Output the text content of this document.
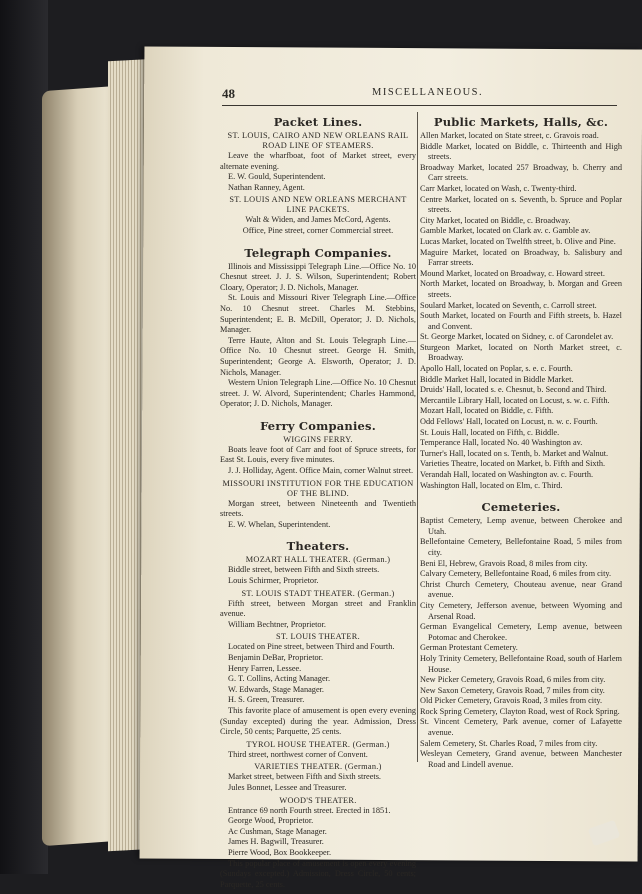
48	MISCELLANEOUS.
Packet Lines.
ST. LOUIS, CAIRO AND NEW ORLEANS RAIL ROAD LINE OF STEAMERS.
Leave the wharfboat, foot of Market street, every alternate evening.
E. W. Gould, Superintendent.
Nathan Ranney, Agent.
ST. LOUIS AND NEW ORLEANS MERCHANT LINE PACKETS.
Walt & Widen, and James McCord, Agents.
Office, Pine street, corner Commercial street.
Telegraph Companies.
Illinois and Mississippi Telegraph Line.—Office No. 10 Chesnut street. J. J. S. Wilson, Superintendent; Robert Cloary, Operator; J. D. Nichols, Manager.
St. Louis and Missouri River Telegraph Line.—Office No. 10 Chesnut street. Charles M. Stebbins, Superintendent; E. B. McDill, Operator; J. D. Nichols, Manager.
Terre Haute, Alton and St. Louis Telegraph Line.—Office No. 10 Chesnut street. George H. Smith, Superintendent; George A. Elsworth, Operator; J. D. Nichols, Manager.
Western Union Telegraph Line.—Office No. 10 Chesnut street. J. W. Alvord, Superintendent; Charles Hammond, Operator; J. D. Nichols, Manager.
Ferry Companies.
WIGGINS FERRY.
Boats leave foot of Carr and foot of Spruce streets, for East St. Louis, every five minutes.
J. J. Holliday, Agent. Office Main, corner Walnut street.
MISSOURI INSTITUTION FOR THE EDUCATION OF THE BLIND.
Morgan street, between Nineteenth and Twentieth streets.
E. W. Whelan, Superintendent.
Theaters.
MOZART HALL THEATER. (German.)
Biddle street, between Fifth and Sixth streets.
Louis Schirmer, Proprietor.
ST. LOUIS STADT THEATER. (German.)
Fifth street, between Morgan street and Franklin avenue.
William Bechtner, Proprietor.
ST. LOUIS THEATER.
Located on Pine street, between Third and Fourth.
Benjamin DeBar, Proprietor.
Henry Farren, Lessee.
G. T. Collins, Acting Manager.
W. Edwards, Stage Manager.
H. S. Green, Treasurer.
This favorite place of amusement is open every evening (Sunday excepted) during the year. Admission, Dress Circle, 50 cents; Parquette, 25 cents.
TYROL HOUSE THEATER. (German.)
Third street, northwest corner of Convent.
VARIETIES THEATER. (German.)
Market street, between Fifth and Sixth streets.
Jules Bonnet, Lessee and Treasurer.
WOOD'S THEATER.
Entrance 69 north Fourth street. Erected in 1851.
George Wood, Proprietor.
Ac Cushman, Stage Manager.
James H. Bagwill, Treasurer.
Pierre Wood, Box Bookkeeper.
This popular place of amusement is open every evening (Sundays excepted.) Admission, Dress Circle, 50 cents; Parquette, 25 cents.
Public Markets, Halls, &c.
Allen Market, located on State street, c. Gravois road.
Biddle Market, located on Biddle, c. Thirteenth and High streets.
Broadway Market, located 257 Broadway, b. Cherry and Carr streets.
Carr Market, located on Wash, c. Twenty-third.
Centre Market, located on s. Seventh, b. Spruce and Poplar streets.
City Market, located on Biddle, c. Broadway.
Gamble Market, located on Clark av. c. Gamble av.
Lucas Market, located on Twelfth street, b. Olive and Pine.
Maguire Market, located on Broadway, b. Salisbury and Farrar streets.
Mound Market, located on Broadway, c. Howard street.
North Market, located on Broadway, b. Morgan and Green streets.
Soulard Market, located on Seventh, c. Carroll street.
South Market, located on Fourth and Fifth streets, b. Hazel and Convent.
St. George Market, located on Sidney, c. of Carondelet av.
Sturgeon Market, located on North Market street, c. Broadway.
Apollo Hall, located on Poplar, s. e. c. Fourth.
Biddle Market Hall, located in Biddle Market.
Druids' Hall, located s. e. Chesnut, b. Second and Third.
Mercantile Library Hall, located on Locust, s. w. c. Fifth.
Mozart Hall, located on Biddle, c. Fifth.
Odd Fellows' Hall, located on Locust, n. w. c. Fourth.
St. Louis Hall, located on Fifth, c. Biddle.
Temperance Hall, located No. 40 Washington av.
Turner's Hall, located on s. Tenth, b. Market and Walnut.
Varieties Theatre, located on Market, b. Fifth and Sixth.
Verandah Hall, located on Washington av. c. Fourth.
Washington Hall, located on Elm, c. Third.
Cemeteries.
Baptist Cemetery, Lemp avenue, between Cherokee and Utah.
Bellefontaine Cemetery, Bellefontaine Road, 5 miles from city.
Beni El, Hebrew, Gravois Road, 8 miles from city.
Calvary Cemetery, Bellefontaine Road, 6 miles from city.
Christ Church Cemetery, Chouteau avenue, near Grand avenue.
City Cemetery, Jefferson avenue, between Wyoming and Arsenal Road.
German Evangelical Cemetery, Lemp avenue, between Potomac and Cherokee.
German Protestant Cemetery.
Holy Trinity Cemetery, Bellefontaine Road, south of Harlem House.
New Picker Cemetery, Gravois Road, 6 miles from city.
New Saxon Cemetery, Gravois Road, 7 miles from city.
Old Picker Cemetery, Gravois Road, 3 miles from city.
Rock Spring Cemetery, Clayton Road, west of Rock Spring.
St. Vincent Cemetery, Park avenue, corner of Lafayette avenue.
Salem Cemetery, St. Charles Road, 7 miles from city.
Wesleyan Cemetery, Grand avenue, between Manchester Road and Lindell avenue.
